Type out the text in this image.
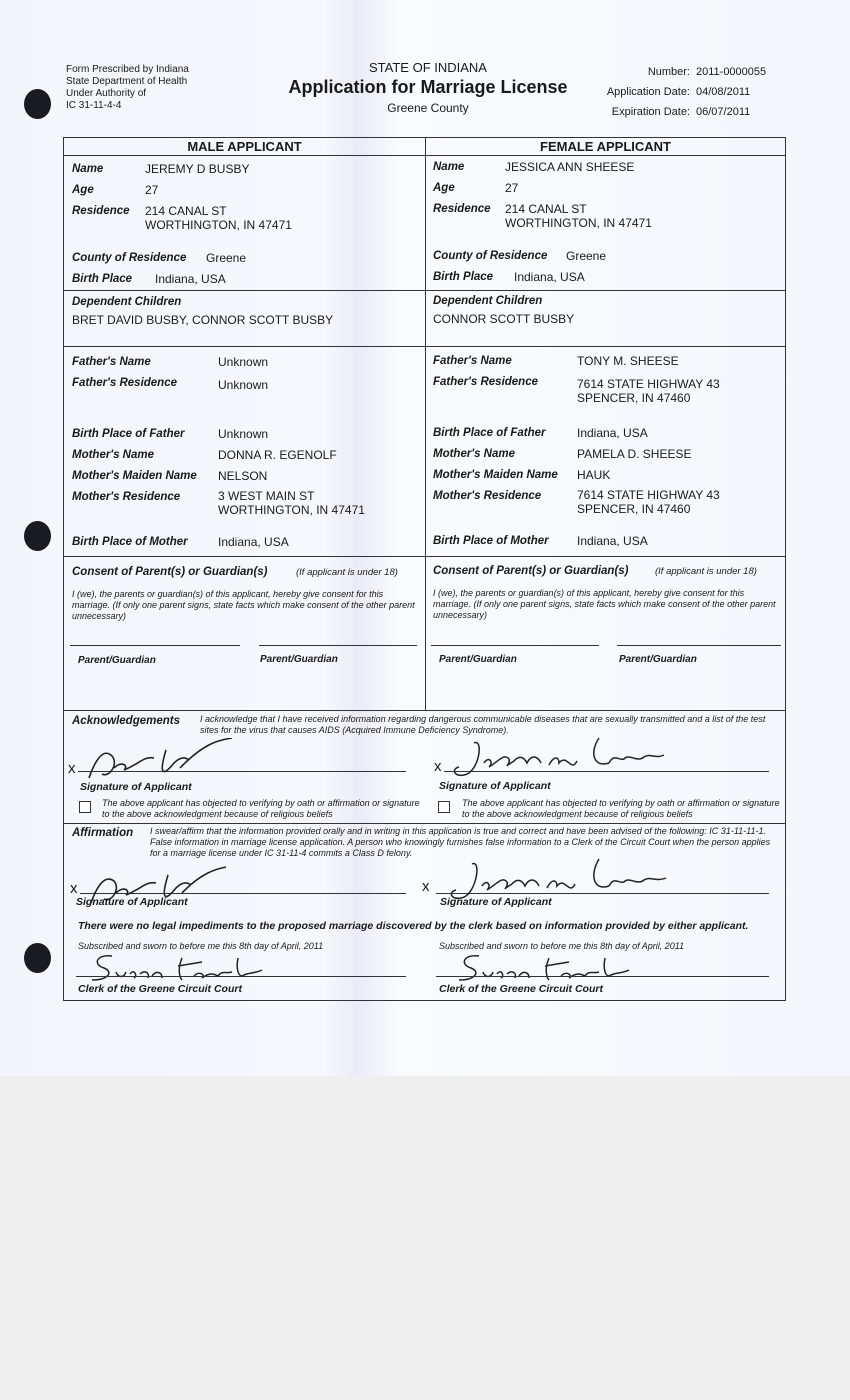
Form Prescribed by Indiana
State Department of Health
Under Authority of
IC 31-11-4-4
STATE OF INDIANA
Application for Marriage License
Greene County
Number: 2011-0000055
Application Date: 04/08/2011
Expiration Date: 06/07/2011
MALE APPLICANT	FEMALE APPLICANT
Name	JEREMY D BUSBY
Age	27
Residence 214 CANAL ST
WORTHINGTON, IN 47471
County of Residence Greene
Birth Place Indiana, USA
Dependent Children
BRET DAVID BUSBY, CONNOR SCOTT BUSBY
Father's Name	Unknown
Father's Residence	Unknown
Birth Place of Father	Unknown
Mother's Name	DONNA R. EGENOLF
Mother's Maiden Name NELSON
Mother's Residence	3 WEST MAIN ST
WORTHINGTON, IN 47471
Birth Place of Mother	Indiana, USA
Consent of Parent(s) or Guardian(s)	(If applicant is under 18)
I (we), the parents or guardian(s) of this applicant, hereby give consent for this marriage. (If only one parent signs, state facts which make consent of the other parent unnecessary)
Parent/Guardian	Parent/Guardian
Name	JESSICA ANN SHEESE
Age	27
Residence 214 CANAL ST
WORTHINGTON, IN 47471
County of Residence Greene
Birth Place Indiana, USA
Dependent Children
CONNOR SCOTT BUSBY
Father's Name	TONY M. SHEESE
Father's Residence	7614 STATE HIGHWAY 43
SPENCER, IN 47460
Birth Place of Father	Indiana, USA
Mother's Name	PAMELA D. SHEESE
Mother's Maiden Name HAUK
Mother's Residence	7614 STATE HIGHWAY 43
SPENCER, IN 47460
Birth Place of Mother Indiana, USA
Consent of Parent(s) or Guardian(s)	(If applicant is under 18)
I (we), the parents or guardian(s) of this applicant, hereby give consent for this marriage. (If only one parent signs, state facts which make consent of the other parent unnecessary)
Parent/Guardian	Parent/Guardian
Acknowledgements I acknowledge that I have received information regarding dangerous communicable diseases that are sexually transmitted and a list of the test sites for the virus that causes AIDS (Acquired Immune Deficiency Syndrome).
x
Signature of Applicant
The above applicant has objected to verifying by oath or affirmation or signature to the above acknowledgment because of religious beliefs
x
Signature of Applicant
The above applicant has objected to verifying by oath or affirmation or signature to the above acknowledgment because of religious beliefs
Affirmation I swear/affirm that the information provided orally and in writing in this application is true and correct and have been advised of the following: IC 31-11-11-1. False information in marriage license application. A person who knowingly furnishes false information to a Clerk of the Circuit Court when the person applies for a marriage license under IC 31-11-4 commits a Class D felony.
x
Signature of Applicant
x
Signature of Applicant
There were no legal impediments to the proposed marriage discovered by the clerk based on information provided by either applicant.
Subscribed and sworn to before me this 8th day of April, 2011
Clerk of the Greene Circuit Court
Subscribed and sworn to before me this 8th day of April, 2011
Clerk of the Greene Circuit Court
